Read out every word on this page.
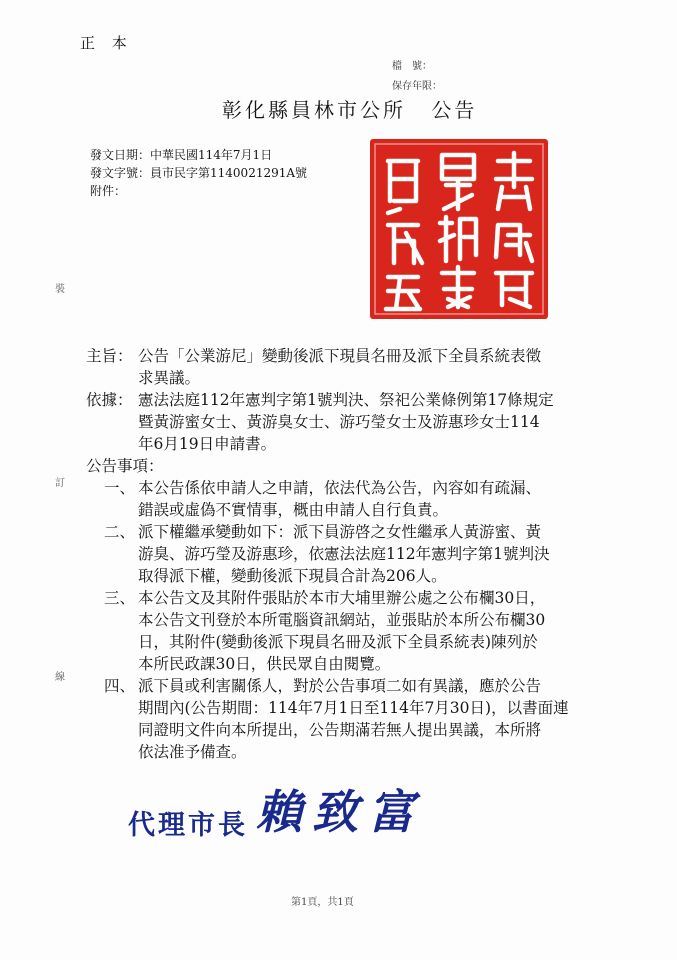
正 本
檔　號：
保存年限：
彰化縣員林市公所 公告
發文日期：中華民國114年7月1日
發文字號：員市民字第1140021291A號
附件：
裝
訂
線
主旨： 公告「公業游尼」變動後派下現員名冊及派下全員系統表徵
求異議。
依據： 憲法法庭112年憲判字第1號判決、祭祀公業條例第17條規定
暨黃游蜜女士、黃游臭女士、游巧瑩女士及游惠珍女士114
年6月19日申請書。
公告事項：
一、 本公告係依申請人之申請，依法代為公告，內容如有疏漏、
錯誤或虛偽不實情事，概由申請人自行負責。
二、 派下權繼承變動如下：派下員游啓之女性繼承人黃游蜜、黃
游臭、游巧瑩及游惠珍，依憲法法庭112年憲判字第1號判決
取得派下權，變動後派下現員合計為206人。
三、 本公告文及其附件張貼於本市大埔里辦公處之公布欄30日，
本公告文刊登於本所電腦資訊網站，並張貼於本所公布欄30
日，其附件(變動後派下現員名冊及派下全員系統表)陳列於
本所民政課30日，供民眾自由閱覽。
四、 派下員或利害關係人，對於公告事項二如有異議，應於公告
期間內(公告期間：114年7月1日至114年7月30日)，以書面連
同證明文件向本所提出，公告期滿若無人提出異議，本所將
依法准予備查。
代理市長 賴致富
第1頁，共1頁
